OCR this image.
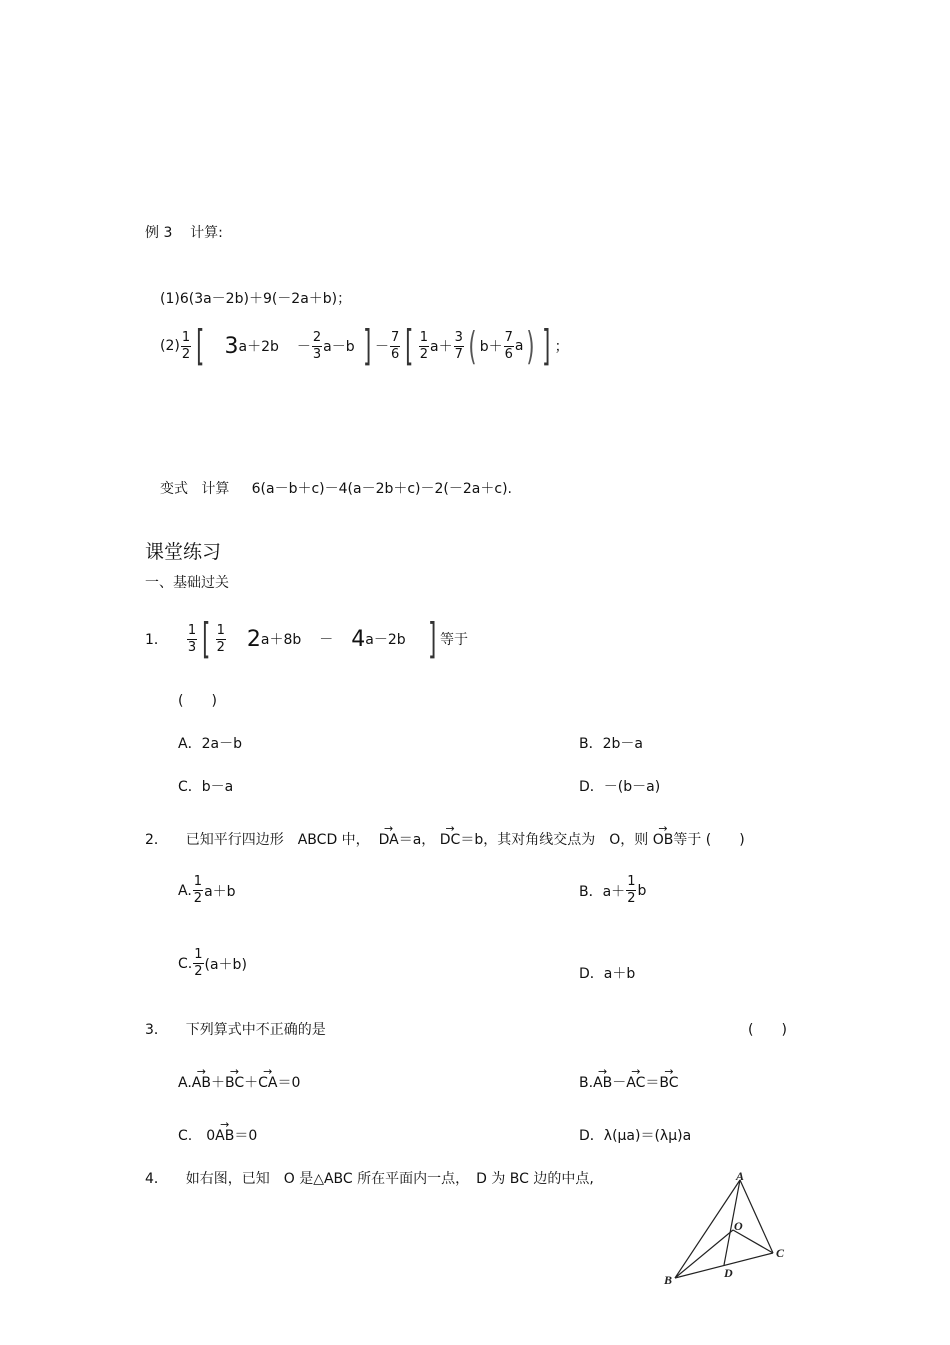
例 3 计算:
(1)6(3a－2b)＋9(－2a＋b)；
$(2) \frac{1}{2}$ [ 3 $a+2b - \frac{2}{3} a-b$ ] － $\frac{7}{6}$ [ $\frac{1}{2} a+ \frac{3}{7}$ ( $b+ \frac{7}{6}$ a ) ] ；
变式 计算 6(a－b＋c)－4(a－2b＋c)－2(－2a＋c).
课堂练习
一、基础过关
1． $\frac{1}{3}$ [ $\frac{1}{2} 2$ a＋8b － 4 a－2b ] 等于
(　　)
A．2a－b	B．2b－a
C．b－a	D．－(b－a)
2． 已知平行四边形　ABCD 中， → DA＝a， → DC＝b，其对角线交点为　O，则 → OB等于 (　　)
A. $\frac{1}{2} a+b$	B．$a+ \frac{1}{2}$ b
C. $\frac{1}{2} (a+b)$
D．a＋b
3． 下列算式中不正确的是	(　　)
A.→ AB＋→ BC＋→ CA＝0	B.→ AB－→ AC＝→ BC
C.　0→ AB＝0	D．λ(μa)＝(λμ)a
4． 如右图，已知　O 是△ABC 所在平面内一点，　D 为 BC 边的中点,	A
B
C
D
O
